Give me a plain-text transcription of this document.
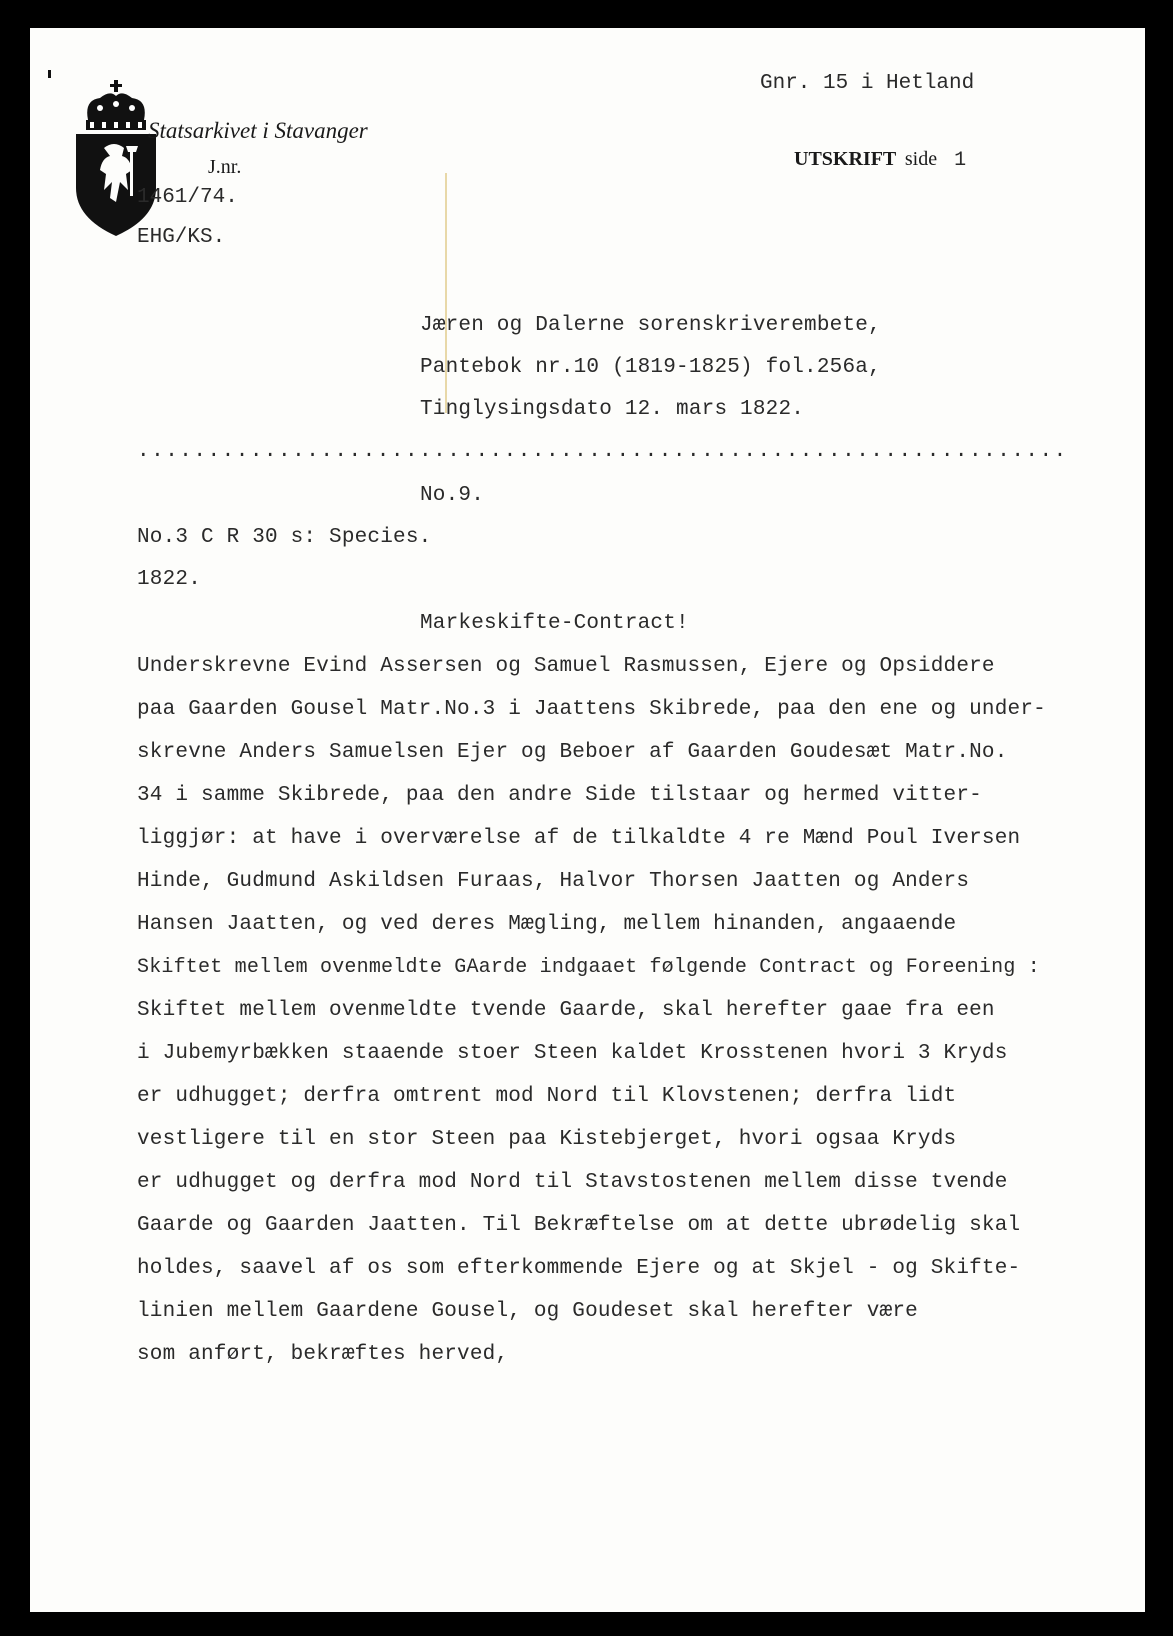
Gnr. 15 i Hetland
Statsarkivet i Stavanger
J.nr.	UTSKRIFT side 1
1461/74.
EHG/KS.
Jæren og Dalerne sorenskriverembete,
Pantebok nr.10 (1819-1825) fol.256a,
Tinglysingsdato 12. mars 1822.
..................................................................
No.9.
No.3 C R 30 s: Species.
1822.
Markeskifte-Contract!
Underskrevne Evind Assersen og Samuel Rasmussen, Ejere og Opsiddere
paa Gaarden Gousel Matr.No.3 i Jaattens Skibrede, paa den ene og under-
skrevne Anders Samuelsen Ejer og Beboer af Gaarden Goudesæt Matr.No.
34 i samme Skibrede, paa den andre Side tilstaar og hermed vitter-
liggjør: at have i overværelse af de tilkaldte 4 re Mænd Poul Iversen
Hinde, Gudmund Askildsen Furaas, Halvor Thorsen Jaatten og Anders
Hansen Jaatten, og ved deres Mægling, mellem hinanden, angaaende
Skiftet mellem ovenmeldte GAarde indgaaet følgende Contract og Foreening :
Skiftet mellem ovenmeldte tvende Gaarde, skal herefter gaae fra een
i Jubemyrbækken staaende stoer Steen kaldet Krosstenen hvori 3 Kryds
er udhugget; derfra omtrent mod Nord til Klovstenen; derfra lidt
vestligere til en stor Steen paa Kistebjerget, hvori ogsaa Kryds
er udhugget og derfra mod Nord til Stavstostenen mellem disse tvende
Gaarde og Gaarden Jaatten. Til Bekræftelse om at dette ubrødelig skal
holdes, saavel af os som efterkommende Ejere og at Skjel - og Skifte-
linien mellem Gaardene Gousel, og Goudeset skal herefter være
som anført, bekræftes herved,
